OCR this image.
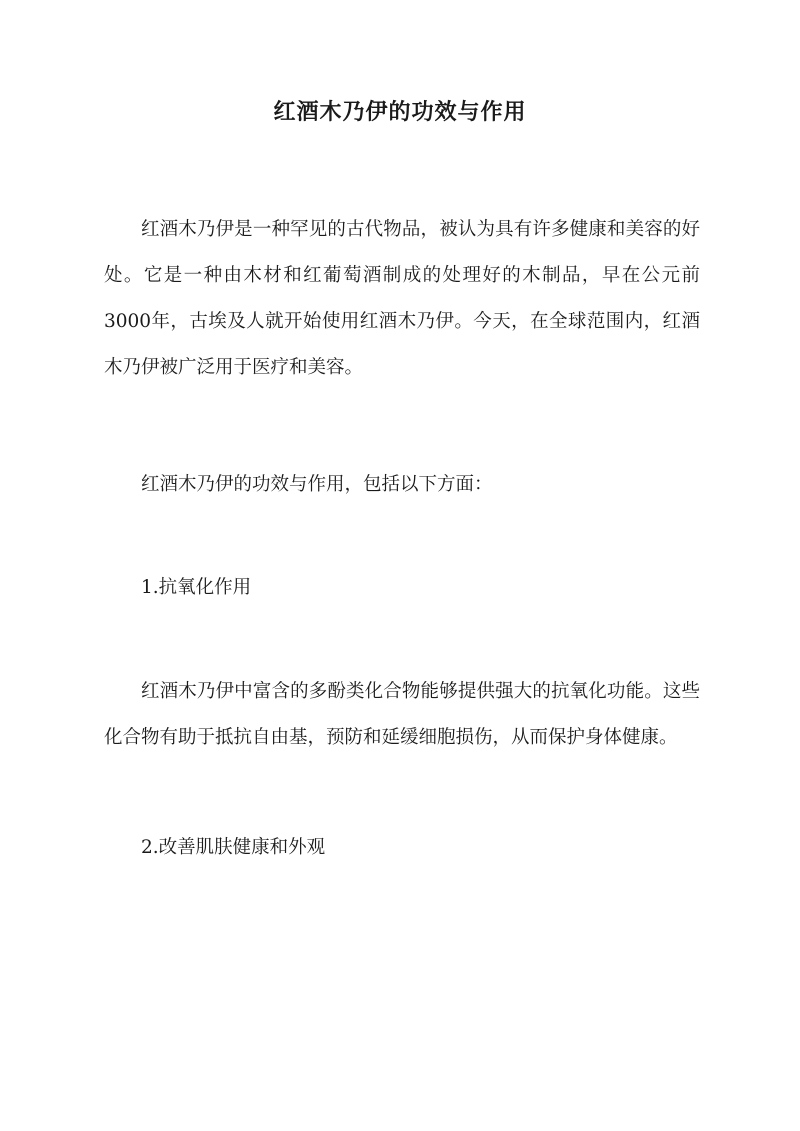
红酒木乃伊的功效与作用

红酒木乃伊是一种罕见的古代物品，被认为具有许多健康和美容的好处。它是一种由木材和红葡萄酒制成的处理好的木制品，早在公元前3000年，古埃及人就开始使用红酒木乃伊。今天，在全球范围内，红酒木乃伊被广泛用于医疗和美容。

红酒木乃伊的功效与作用，包括以下方面：

1.抗氧化作用

红酒木乃伊中富含的多酚类化合物能够提供强大的抗氧化功能。这些化合物有助于抵抗自由基，预防和延缓细胞损伤，从而保护身体健康。

2.改善肌肤健康和外观
